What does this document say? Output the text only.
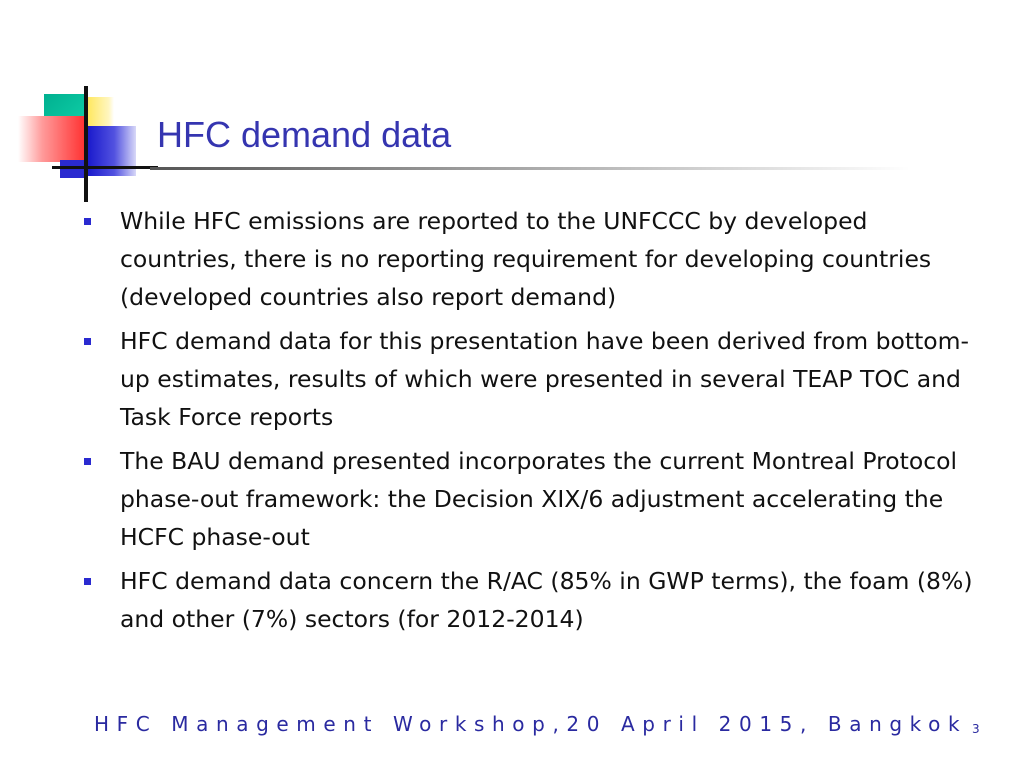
HFC demand data
While HFC emissions are reported to the UNFCCC by developed countries, there is no reporting requirement for developing countries (developed countries also report demand)
HFC demand data for this presentation have been derived from bottom-up estimates, results of which were presented in several TEAP TOC and Task Force reports
The BAU demand presented incorporates the current Montreal Protocol phase-out framework: the Decision XIX/6 adjustment accelerating the HCFC phase-out
HFC demand data concern the R/AC (85% in GWP terms), the foam (8%) and other (7%) sectors (for 2012-2014)
HFC Management Workshop,20 April 2015, Bangkok 3
